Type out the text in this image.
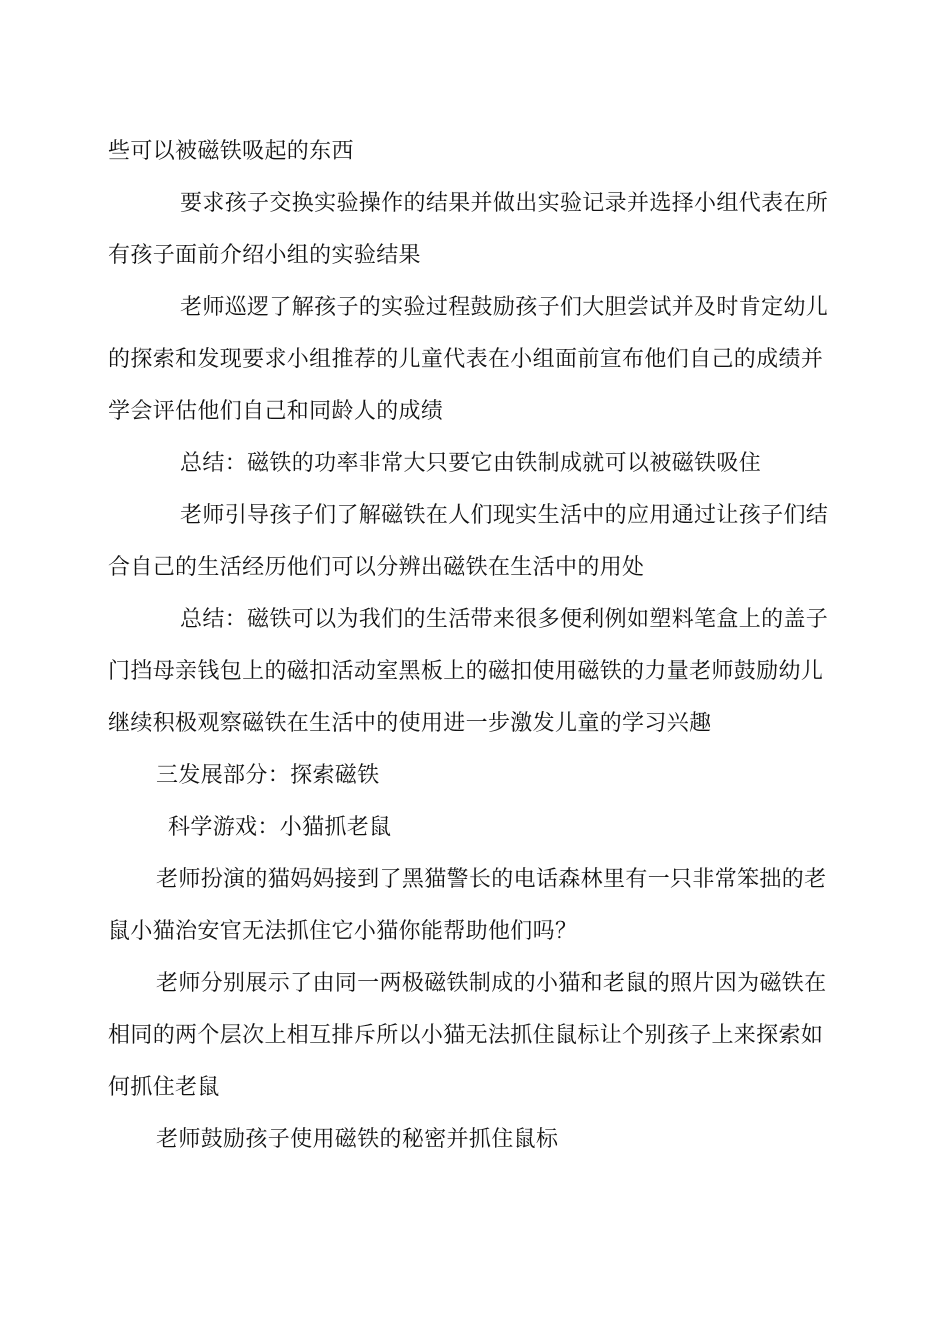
些可以被磁铁吸起的东西
要求孩子交换实验操作的结果并做出实验记录并选择小组代表在所有孩子面前介绍小组的实验结果
老师巡逻了解孩子的实验过程鼓励孩子们大胆尝试并及时肯定幼儿的探索和发现要求小组推荐的儿童代表在小组面前宣布他们自己的成绩并学会评估他们自己和同龄人的成绩
总结：磁铁的功率非常大只要它由铁制成就可以被磁铁吸住
老师引导孩子们了解磁铁在人们现实生活中的应用通过让孩子们结合自己的生活经历他们可以分辨出磁铁在生活中的用处
总结：磁铁可以为我们的生活带来很多便利例如塑料笔盒上的盖子门挡母亲钱包上的磁扣活动室黑板上的磁扣使用磁铁的力量老师鼓励幼儿继续积极观察磁铁在生活中的使用进一步激发儿童的学习兴趣
三发展部分：探索磁铁
科学游戏：小猫抓老鼠
老师扮演的猫妈妈接到了黑猫警长的电话森林里有一只非常笨拙的老鼠小猫治安官无法抓住它小猫你能帮助他们吗？
老师分别展示了由同一两极磁铁制成的小猫和老鼠的照片因为磁铁在相同的两个层次上相互排斥所以小猫无法抓住鼠标让个别孩子上来探索如何抓住老鼠
老师鼓励孩子使用磁铁的秘密并抓住鼠标
